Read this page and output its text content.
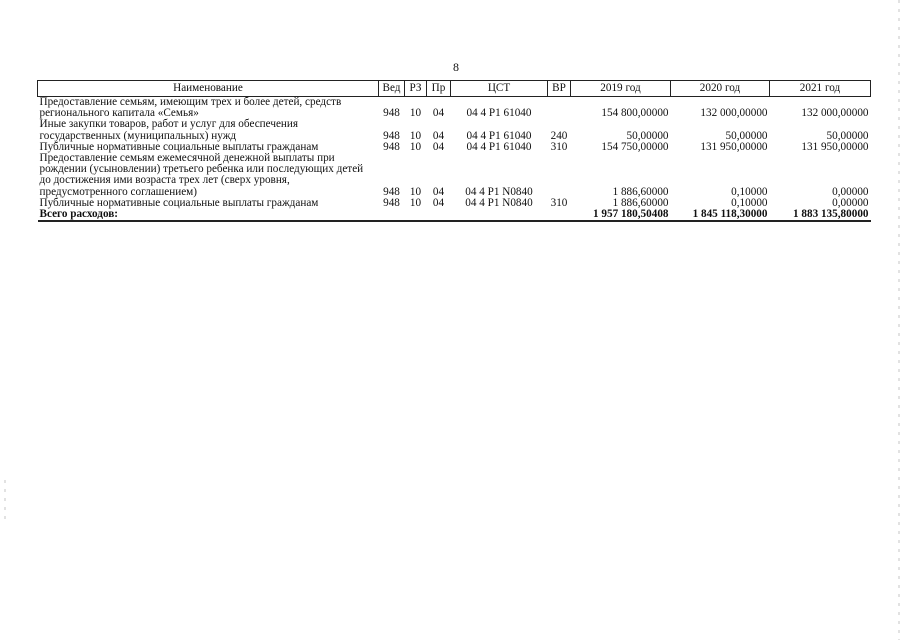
8
Наименование	Вед	РЗ	Пр	ЦСТ	ВР	2019 год	2020 год	2021 год
Предоставление семьям, имеющим трех и более детей, средств регионального капитала «Семья»	948	10	04	04 4 P1 61040		154 800,00000	132 000,00000	132 000,00000
Иные закупки товаров, работ и услуг для обеспечения государственных (муниципальных) нужд	948	10	04	04 4 P1 61040	240	50,00000	50,00000	50,00000
Публичные нормативные социальные выплаты гражданам	948	10	04	04 4 P1 61040	310	154 750,00000	131 950,00000	131 950,00000
Предоставление семьям ежемесячной денежной выплаты при рождении (усыновлении) третьего ребенка или последующих детей до достижения ими возраста трех лет (сверх уровня, предусмотренного соглашением)	948	10	04	04 4 P1 N0840		1 886,60000	0,10000	0,00000
Публичные нормативные социальные выплаты гражданам	948	10	04	04 4 P1 N0840	310	1 886,60000	0,10000	0,00000
Всего расходов:						1 957 180,50408	1 845 118,30000	1 883 135,80000
